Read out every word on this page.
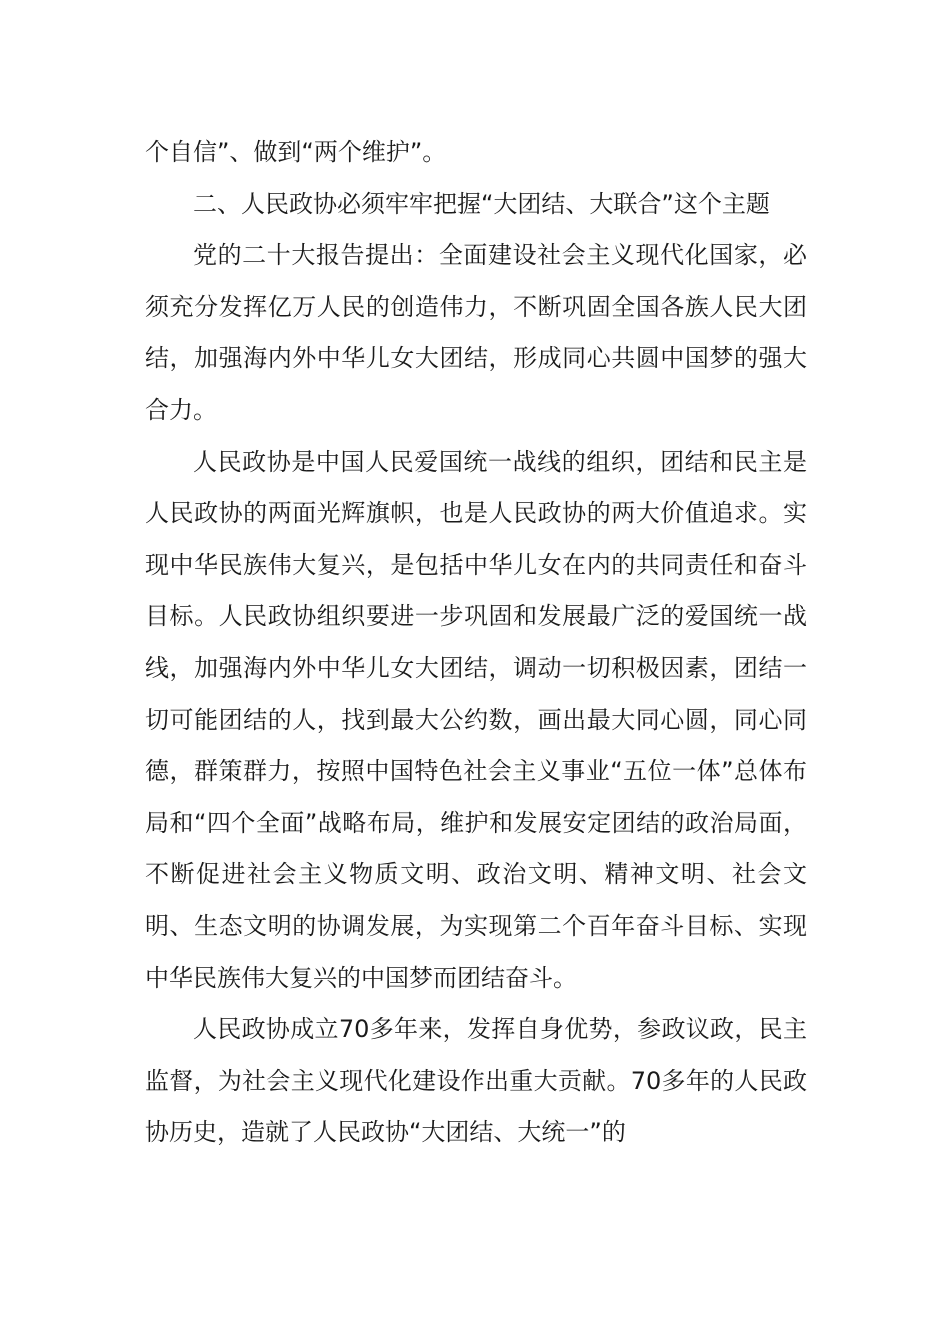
个自信”、做到“两个维护”。

二、人民政协必须牢牢把握“大团结、大联合”这个主题

党的二十大报告提出：全面建设社会主义现代化国家，必须充分发挥亿万人民的创造伟力，不断巩固全国各族人民大团结，加强海内外中华儿女大团结，形成同心共圆中国梦的强大合力。

人民政协是中国人民爱国统一战线的组织，团结和民主是人民政协的两面光辉旗帜，也是人民政协的两大价值追求。实现中华民族伟大复兴，是包括中华儿女在内的共同责任和奋斗目标。人民政协组织要进一步巩固和发展最广泛的爱国统一战线，加强海内外中华儿女大团结，调动一切积极因素，团结一切可能团结的人，找到最大公约数，画出最大同心圆，同心同德，群策群力，按照中国特色社会主义事业“五位一体”总体布局和“四个全面”战略布局，维护和发展安定团结的政治局面，不断促进社会主义物质文明、政治文明、精神文明、社会文明、生态文明的协调发展，为实现第二个百年奋斗目标、实现中华民族伟大复兴的中国梦而团结奋斗。

人民政协成立70多年来，发挥自身优势，参政议政，民主监督，为社会主义现代化建设作出重大贡献。70多年的人民政协历史，造就了人民政协“大团结、大统一”的
